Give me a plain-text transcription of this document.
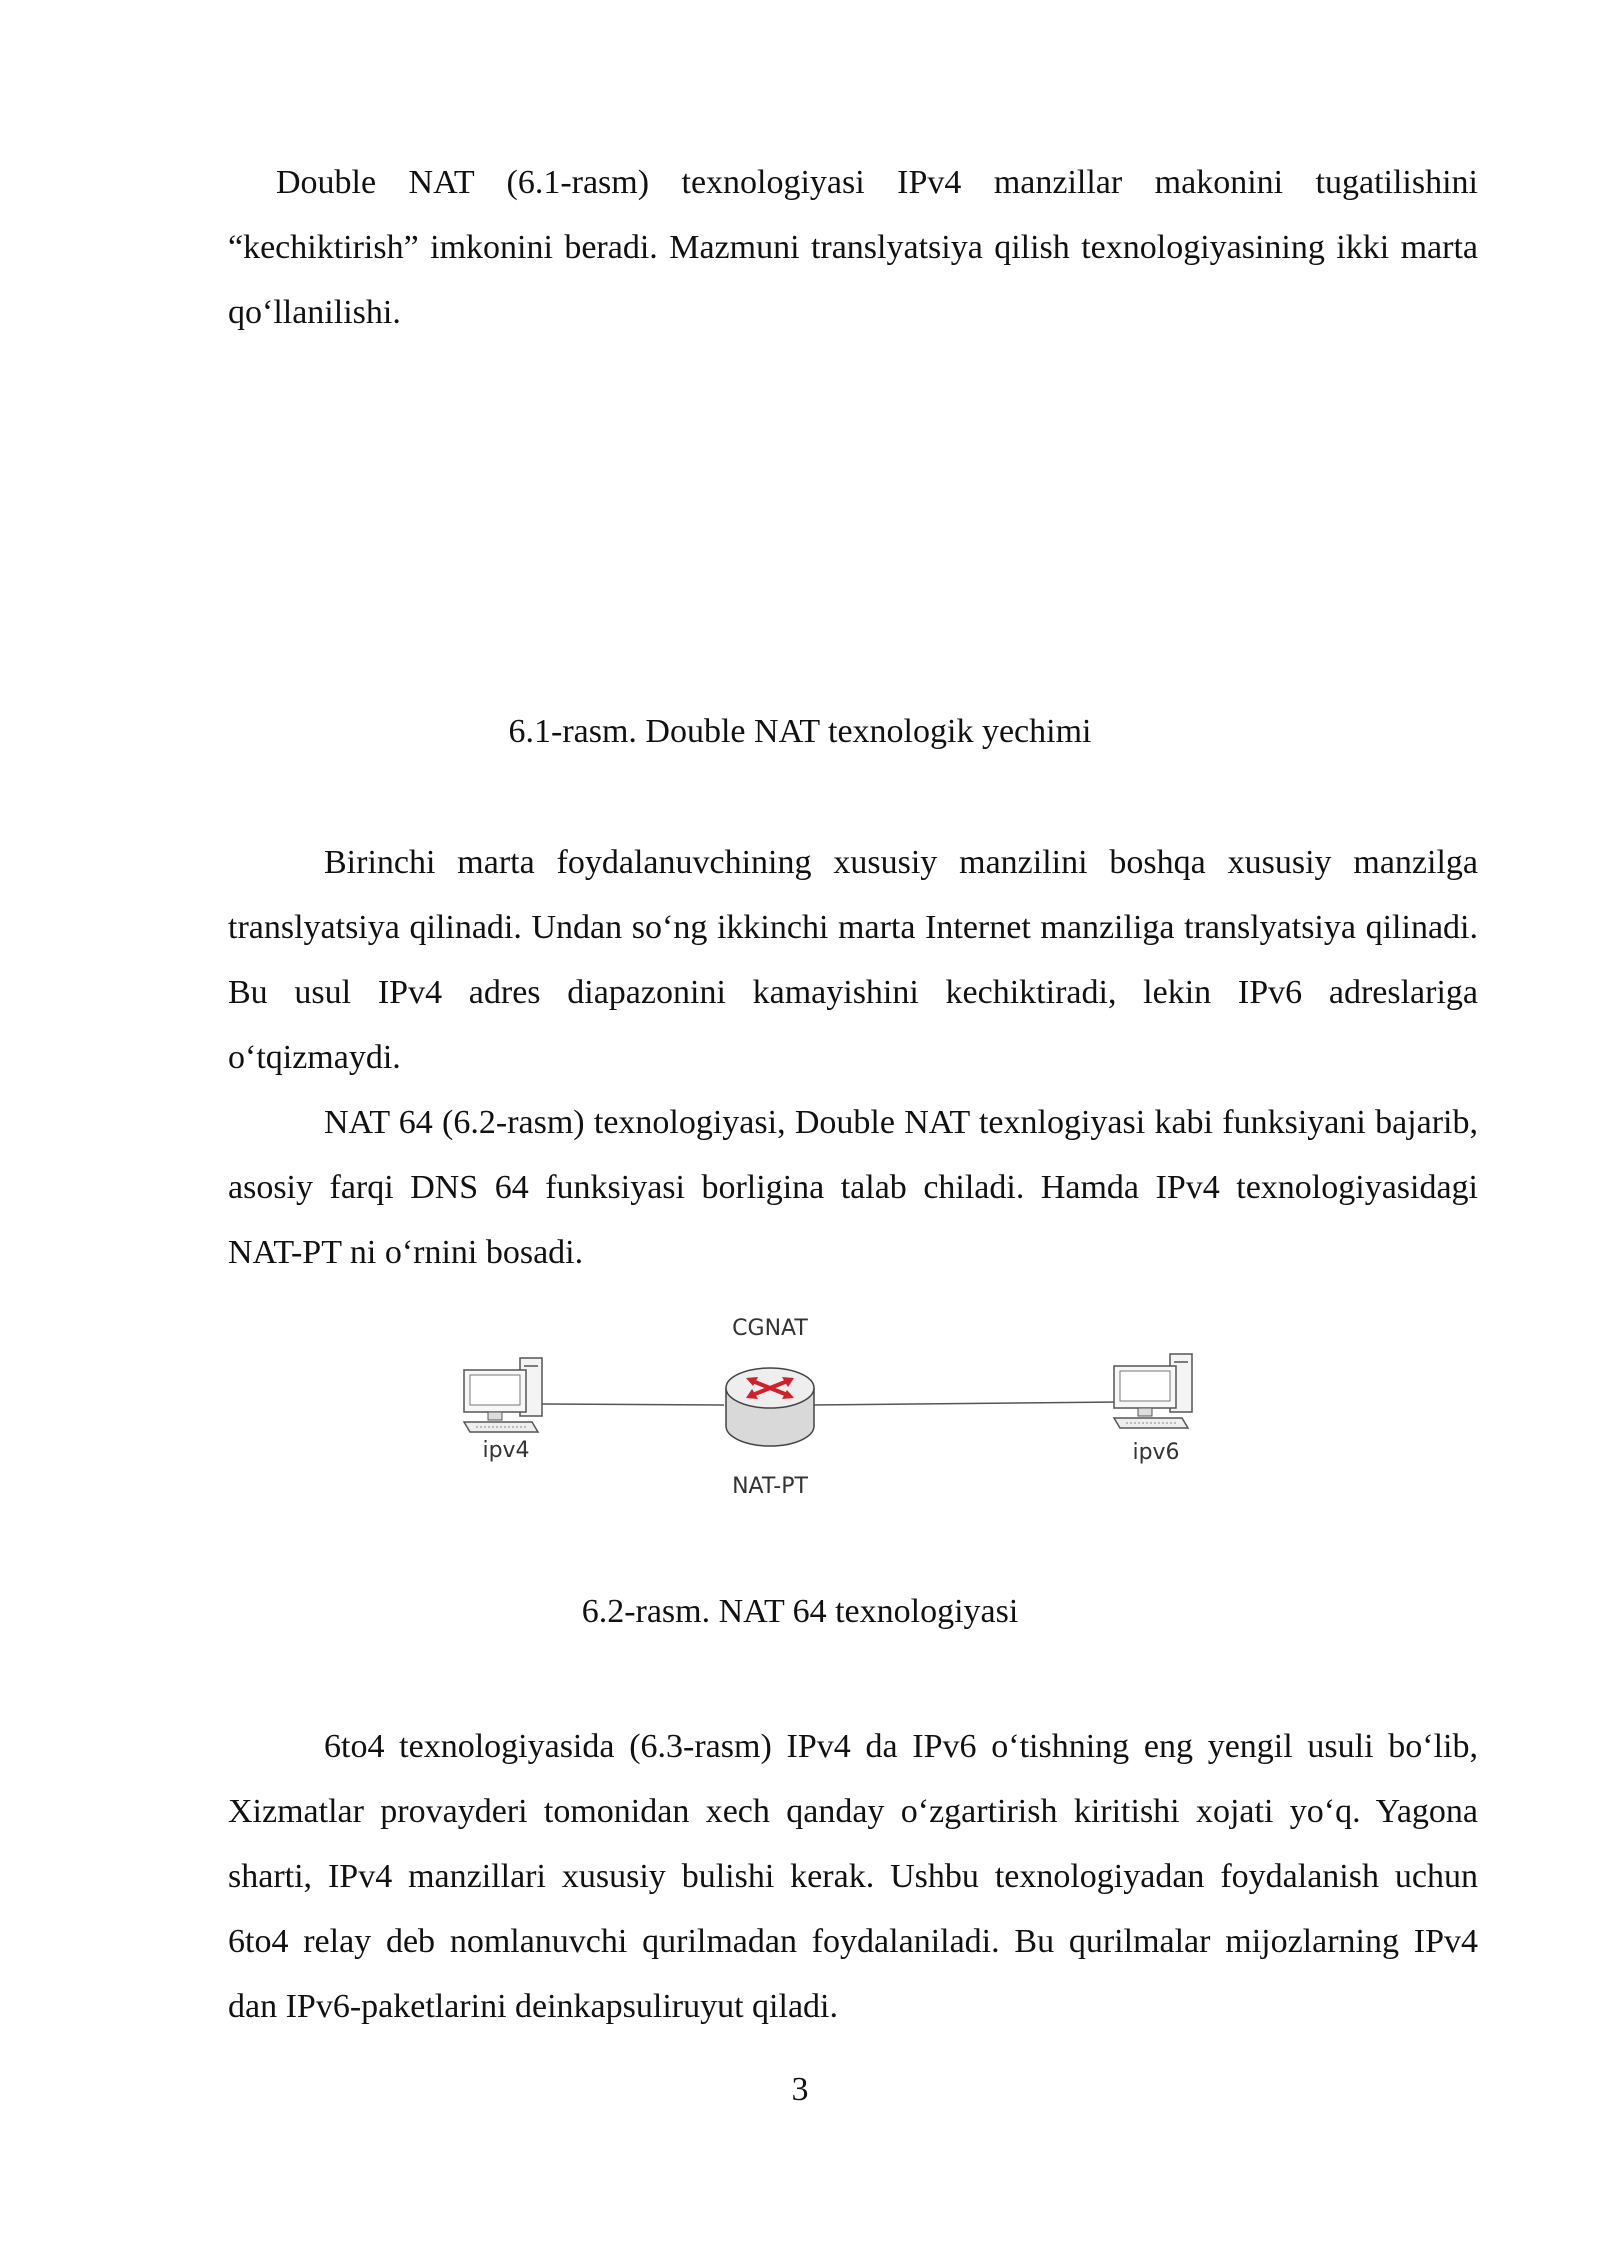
Double NAT (6.1-rasm) texnologiyasi IPv4 manzillar makonini tugatilishini “kechiktirish” imkonini beradi. Mazmuni translyatsiya qilish texnologiyasining ikki marta qo‘llanilishi.

6.1-rasm. Double NAT texnologik yechimi

Birinchi marta foydalanuvchining xususiy manzilini boshqa xususiy manzilga translyatsiya qilinadi. Undan so‘ng ikkinchi marta Internet manziliga translyatsiya qilinadi. Bu usul IPv4 adres diapazonini kamayishini kechiktiradi, lekin IPv6 adreslariga o‘tqizmaydi.

NAT 64 (6.2-rasm) texnologiyasi, Double NAT texnlogiyasi kabi funksiyani bajarib, asosiy farqi DNS 64 funksiyasi borligina talab chiladi. Hamda IPv4 texnologiyasidagi NAT-PT ni o‘rnini bosadi.

CGNAT
NAT-PT
ipv4	ipv6

6.2-rasm. NAT 64 texnologiyasi

6to4 texnologiyasida (6.3-rasm) IPv4 da IPv6 o‘tishning eng yengil usuli bo‘lib, Xizmatlar provayderi tomonidan xech qanday o‘zgartirish kiritishi xojati yo‘q. Yagona sharti, IPv4 manzillari xususiy bulishi kerak. Ushbu texnologiyadan foydalanish uchun 6to4 relay deb nomlanuvchi qurilmadan foydalaniladi. Bu qurilmalar mijozlarning IPv4 dan IPv6-paketlarini deinkapsuliruyut qiladi.

3
